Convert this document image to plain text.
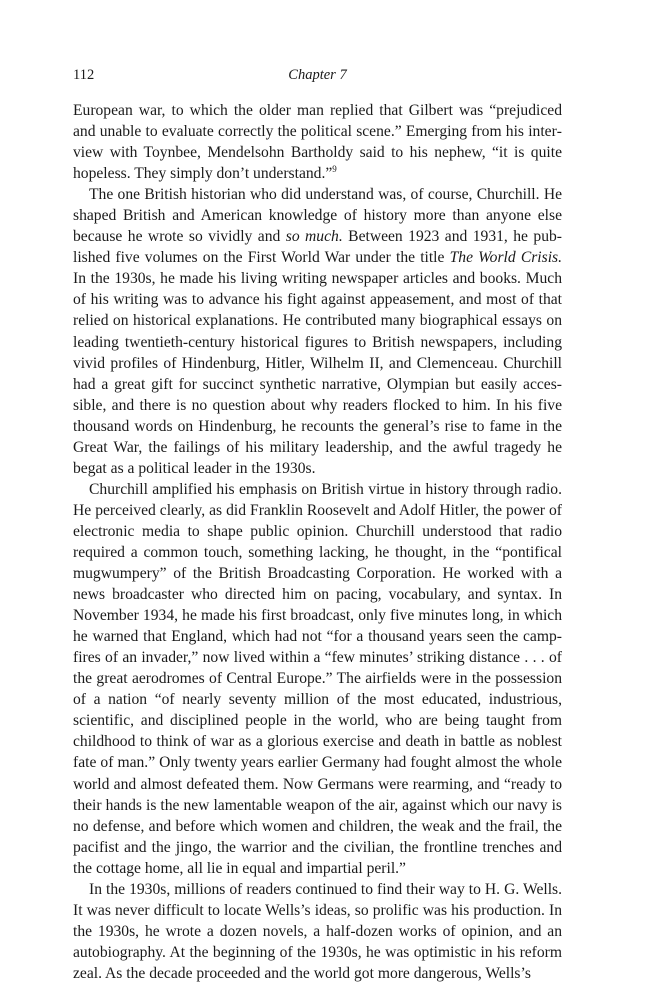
112	Chapter 7

European war, to which the older man replied that Gilbert was “prejudiced and unable to evaluate correctly the political scene.” Emerging from his interview with Toynbee, Mendelsohn Bartholdy said to his nephew, “it is quite hopeless. They simply don’t understand.”$^9$

The one British historian who did understand was, of course, Churchill. He shaped British and American knowledge of history more than anyone else because he wrote so vividly and so much. Between 1923 and 1931, he published five volumes on the First World War under the title The World Crisis. In the 1930s, he made his living writing newspaper articles and books. Much of his writing was to advance his fight against appeasement, and most of that relied on historical explanations. He contributed many biographical essays on leading twentieth-century historical figures to British newspapers, including vivid profiles of Hindenburg, Hitler, Wilhelm II, and Clemenceau. Churchill had a great gift for succinct synthetic narrative, Olympian but easily accessible, and there is no question about why readers flocked to him. In his five thousand words on Hindenburg, he recounts the general’s rise to fame in the Great War, the failings of his military leadership, and the awful tragedy he begat as a political leader in the 1930s.

Churchill amplified his emphasis on British virtue in history through radio. He perceived clearly, as did Franklin Roosevelt and Adolf Hitler, the power of electronic media to shape public opinion. Churchill understood that radio required a common touch, something lacking, he thought, in the “pontifical mugwumpery” of the British Broadcasting Corporation. He worked with a news broadcaster who directed him on pacing, vocabulary, and syntax. In November 1934, he made his first broadcast, only five minutes long, in which he warned that England, which had not “for a thousand years seen the campfires of an invader,” now lived within a “few minutes’ striking distance . . . of the great aerodromes of Central Europe.” The airfields were in the possession of a nation “of nearly seventy million of the most educated, industrious, scientific, and disciplined people in the world, who are being taught from childhood to think of war as a glorious exercise and death in battle as noblest fate of man.” Only twenty years earlier Germany had fought almost the whole world and almost defeated them. Now Germans were rearming, and “ready to their hands is the new lamentable weapon of the air, against which our navy is no defense, and before which women and children, the weak and the frail, the pacifist and the jingo, the warrior and the civilian, the frontline trenches and the cottage home, all lie in equal and impartial peril.”

In the 1930s, millions of readers continued to find their way to H. G. Wells. It was never difficult to locate Wells’s ideas, so prolific was his production. In the 1930s, he wrote a dozen novels, a half-dozen works of opinion, and an autobiography. At the beginning of the 1930s, he was optimistic in his reform zeal. As the decade proceeded and the world got more dangerous, Wells’s
